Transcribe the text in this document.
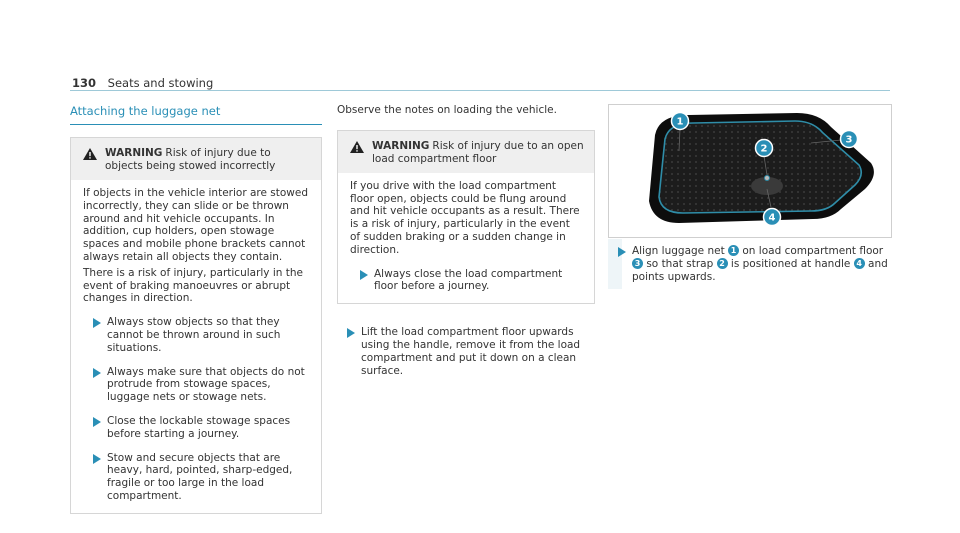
130 Seats and stowing
Attaching the luggage net
WARNING Risk of injury due to objects being stowed incorrectly

If objects in the vehicle interior are stowed incorrectly, they can slide or be thrown around and hit vehicle occupants. In addition, cup holders, open stowage spaces and mobile phone brackets cannot always retain all objects they contain.

There is a risk of injury, particularly in the event of braking manoeuvres or abrupt changes in direction.

Always stow objects so that they cannot be thrown around in such situations.
Always make sure that objects do not protrude from stowage spaces, luggage nets or stowage nets.
Close the lockable stowage spaces before starting a journey.
Stow and secure objects that are heavy, hard, pointed, sharp-edged, fragile or too large in the load compartment.
Observe the notes on loading the vehicle.
WARNING Risk of injury due to an open load compartment floor

If you drive with the load compartment floor open, objects could be flung around and hit vehicle occupants as a result. There is a risk of injury, particularly in the event of sudden braking or a sudden change in direction.

Always close the load compartment floor before a journey.
Lift the load compartment floor upwards using the handle, remove it from the load compartment and put it down on a clean surface.
1
2
3
4
Align luggage net 1 on load compartment floor 3 so that strap 2 is positioned at handle 4 and points upwards.
